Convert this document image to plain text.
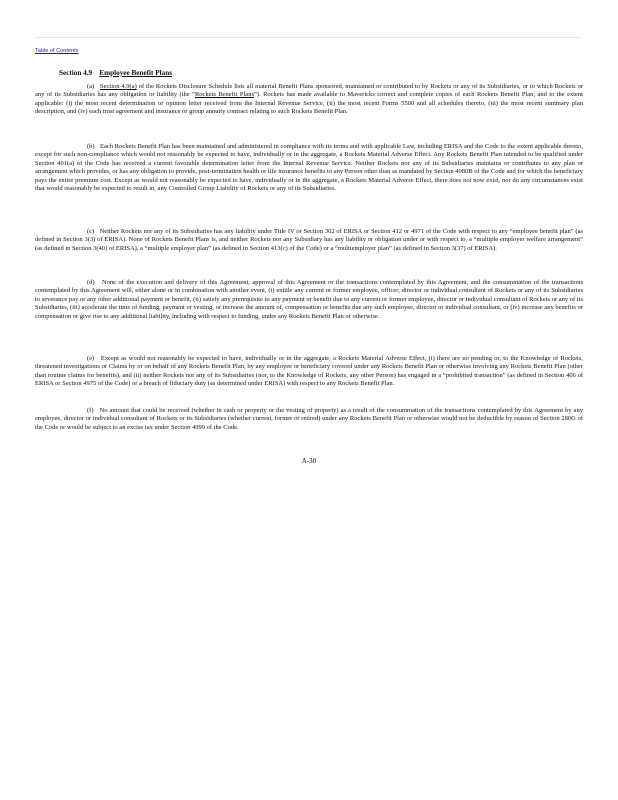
Table of Contents
Section 4.9 Employee Benefit Plans

(a) Section 4.9(a) of the Rockets Disclosure Schedule lists all material Benefit Plans sponsored, maintained or contributed to by Rockets or any of its Subsidiaries, or to which Rockets or any of its Subsidiaries has any obligation or liability (the “Rockets Benefit Plans”). Rockets has made available to Mavericks correct and complete copies of each Rockets Benefit Plan, and to the extent applicable: (i) the most recent determination or opinion letter received from the Internal Revenue Service, (ii) the most recent Forms 5500 and all schedules thereto, (iii) the most recent summary plan description, and (iv) each trust agreement and insurance or group annuity contract relating to such Rockets Benefit Plan.

(b) Each Rockets Benefit Plan has been maintained and administered in compliance with its terms and with applicable Law, including ERISA and the Code to the extent applicable thereto, except for such non-compliance which would not reasonably be expected to have, individually or in the aggregate, a Rockets Material Adverse Effect. Any Rockets Benefit Plan intended to be qualified under Section 401(a) of the Code has received a current favorable determination letter from the Internal Revenue Service. Neither Rockets nor any of its Subsidiaries maintains or contributes to any plan or arrangement which provides, or has any obligation to provide, post-termination health or life insurance benefits to any Person other than as mandated by Section 4980B of the Code and for which the beneficiary pays the entire premium cost. Except as would not reasonably be expected to have, individually or in the aggregate, a Rockets Material Adverse Effect, there does not now exist, nor do any circumstances exist that would reasonably be expected to result in, any Controlled Group Liability of Rockets or any of its Subsidiaries.

(c) Neither Rockets nor any of its Subsidiaries has any liability under Title IV or Section 302 of ERISA or Section 412 or 4971 of the Code with respect to any “employee benefit plan” (as defined in Section 3(3) of ERISA). None of Rockets Benefit Plans is, and neither Rockets nor any Subsidiary has any liability or obligation under or with respect to, a “multiple employer welfare arrangement” (as defined in Section 3(40) of ERISA), a “multiple employer plan” (as defined in Section 413(c) of the Code) or a “multiemployer plan” (as defined in Section 3(37) of ERISA).

(d) None of the execution and delivery of this Agreement, approval of this Agreement or the transactions contemplated by this Agreement, and the consummation of the transactions contemplated by this Agreement will, either alone or in combination with another event, (i) entitle any current or former employee, officer, director or individual consultant of Rockets or any of its Subsidiaries to severance pay or any other additional payment or benefit, (ii) satisfy any prerequisite to any payment or benefit due to any current or former employee, director or individual consultant of Rockets or any of its Subsidiaries, (iii) accelerate the time of funding, payment or vesting, or increase the amount of, compensation or benefits due any such employee, director or individual consultant, or (iv) increase any benefits or compensation or give rise to any additional liability, including with respect to funding, under any Rockets Benefit Plan or otherwise.

(e) Except as would not reasonably be expected to have, individually or in the aggregate, a Rockets Material Adverse Effect, (i) there are no pending or, to the Knowledge of Rockets, threatened investigations or Claims by or on behalf of any Rockets Benefit Plan, by any employee or beneficiary covered under any Rockets Benefit Plan or otherwise involving any Rockets Benefit Plan (other than routine claims for benefits), and (ii) neither Rockets nor any of its Subsidiaries (nor, to the Knowledge of Rockets, any other Person) has engaged in a “prohibited transaction” (as defined in Section 406 of ERISA or Section 4975 of the Code) or a breach of fiduciary duty (as determined under ERISA) with respect to any Rockets Benefit Plan.

(f) No amount that could be received (whether in cash or property or the vesting of property) as a result of the consummation of the transactions contemplated by this Agreement by any employee, director or individual consultant of Rockets or its Subsidiaries (whether current, former or retired) under any Rockets Benefit Plan or otherwise would not be deductible by reason of Section 280G of the Code or would be subject to an excise tax under Section 4999 of the Code.

A-30
